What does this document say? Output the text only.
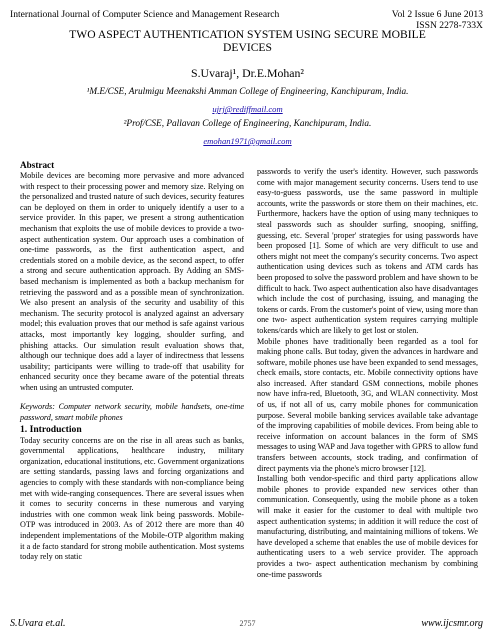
International Journal of Computer Science and Management Research	Vol 2 Issue 6 June 2013
ISSN 2278-733X
TWO ASPECT AUTHENTICATION SYSTEM USING SECURE MOBILE DEVICES
S.Uvaraj¹, Dr.E.Mohan²
¹M.E/CSE, Arulmigu Meenakshi Amman College of Engineering, Kanchipuram, India.
ujrj@rediffmail.com
²Prof/CSE, Pallavan College of Engineering, Kanchipuram, India.
emohan1971@gmail.com

Abstract

Mobile devices are becoming more pervasive and more advanced with respect to their processing power and memory size. Relying on the personalized and trusted nature of such devices, security features can be deployed on them in order to uniquely identify a user to a service provider. In this paper, we present a strong authentication mechanism that exploits the use of mobile devices to provide a two-aspect authentication system. Our approach uses a combination of one-time passwords, as the first authentication aspect, and credentials stored on a mobile device, as the second aspect, to offer a strong and secure authentication approach. By Adding an SMS-based mechanism is implemented as both a backup mechanism for retrieving the password and as a possible mean of synchronization. We also present an analysis of the security and usability of this mechanism. The security protocol is analyzed against an adversary model; this evaluation proves that our method is safe against various attacks, most importantly key logging, shoulder surfing, and phishing attacks. Our simulation result evaluation shows that, although our technique does add a layer of indirectness that lessens usability; participants were willing to trade-off that usability for enhanced security once they became aware of the potential threats when using an untrusted computer.

Keywords: Computer network security, mobile handsets, one-time password, smart mobile phones

1. Introduction

Today security concerns are on the rise in all areas such as banks, governmental applications, healthcare industry, military organization, educational institutions, etc. Government organizations are setting standards, passing laws and forcing organizations and agencies to comply with these standards with non-compliance being met with wide-ranging consequences. There are several issues when it comes to security concerns in these numerous and varying industries with one common weak link being passwords. Mobile-OTP was introduced in 2003. As of 2012 there are more than 40 independent implementations of the Mobile-OTP algorithm making it a de facto standard for strong mobile authentication. Most systems today rely on static

passwords to verify the user's identity. However, such passwords come with major management security concerns. Users tend to use easy-to-guess passwords, use the same password in multiple accounts, write the passwords or store them on their machines, etc. Furthermore, hackers have the option of using many techniques to steal passwords such as shoulder surfing, snooping, sniffing, guessing, etc. Several 'proper' strategies for using passwords have been proposed [1]. Some of which are very difficult to use and others might not meet the company's security concerns. Two aspect authentication using devices such as tokens and ATM cards has been proposed to solve the password problem and have shown to be difficult to hack. Two aspect authentication also have disadvantages which include the cost of purchasing, issuing, and managing the tokens or cards. From the customer's point of view, using more than one two- aspect authentication system requires carrying multiple tokens/cards which are likely to get lost or stolen.

Mobile phones have traditionally been regarded as a tool for making phone calls. But today, given the advances in hardware and software, mobile phones use have been expanded to send messages, check emails, store contacts, etc. Mobile connectivity options have also increased. After standard GSM connections, mobile phones now have infra-red, Bluetooth, 3G, and WLAN connectivity. Most of us, if not all of us, carry mobile phones for communication purpose. Several mobile banking services available take advantage of the improving capabilities of mobile devices. From being able to receive information on account balances in the form of SMS messages to using WAP and Java together with GPRS to allow fund transfers between accounts, stock trading, and confirmation of direct payments via the phone's micro browser [12].

Installing both vendor-specific and third party applications allow mobile phones to provide expanded new services other than communication. Consequently, using the mobile phone as a token will make it easier for the customer to deal with multiple two aspect authentication systems; in addition it will reduce the cost of manufacturing, distributing, and maintaining millions of tokens. We have developed a scheme that enables the use of mobile devices for authenticating users to a web service provider. The approach provides a two- aspect authentication mechanism by combining one-time passwords

S.Uvara et.al.	2757	www.ijcsmr.org
